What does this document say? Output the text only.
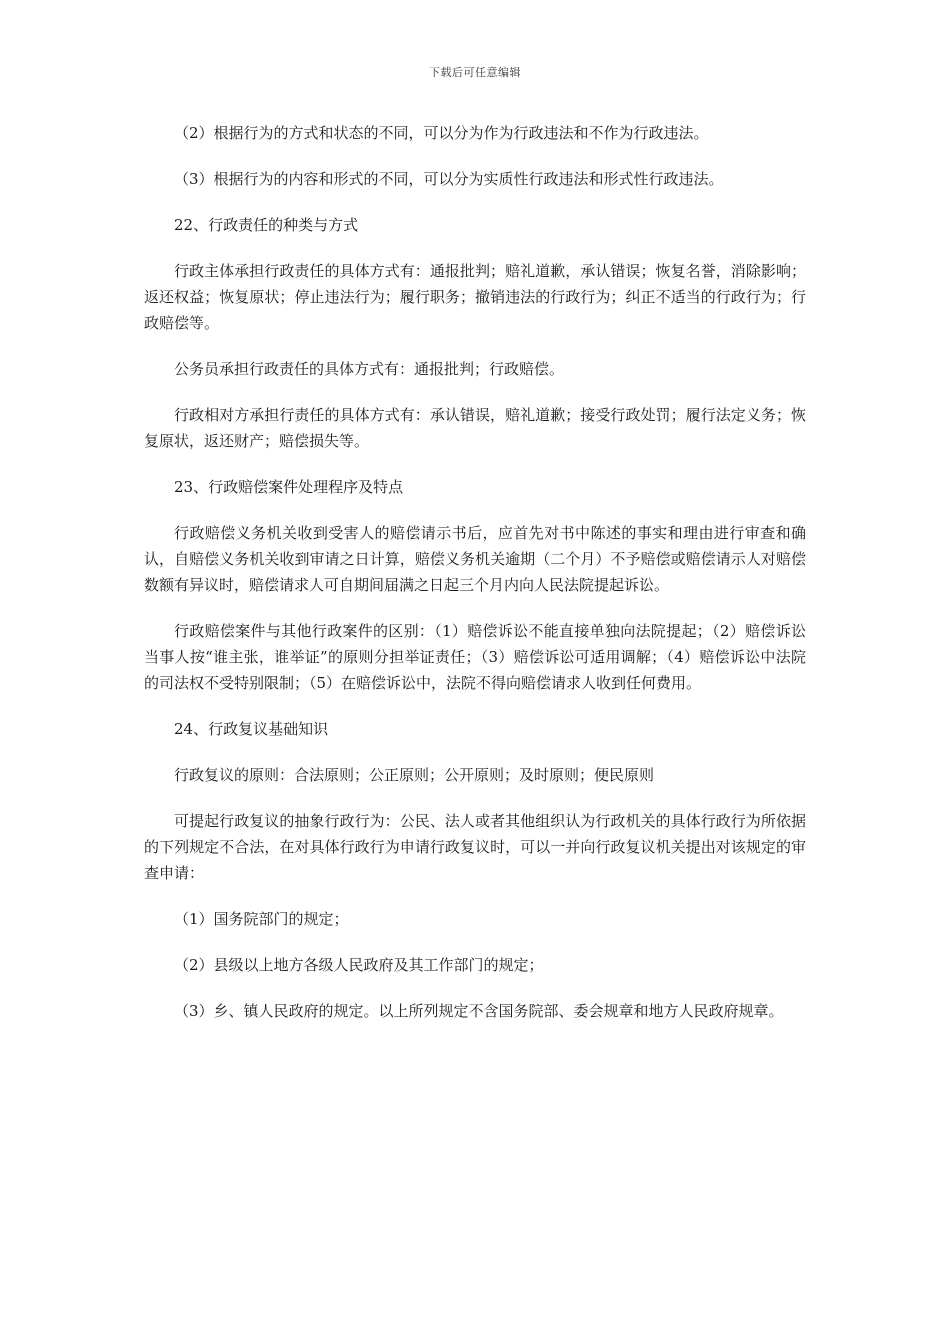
下载后可任意编辑

（2）根据行为的方式和状态的不同，可以分为作为行政违法和不作为行政违法。

（3）根据行为的内容和形式的不同，可以分为实质性行政违法和形式性行政违法。

22、行政责任的种类与方式

行政主体承担行政责任的具体方式有：通报批判；赔礼道歉，承认错误；恢复名誉，消除影响；返还权益；恢复原状；停止违法行为；履行职务；撤销违法的行政行为；纠正不适当的行政行为；行政赔偿等。

公务员承担行政责任的具体方式有：通报批判；行政赔偿。

行政相对方承担行责任的具体方式有：承认错误，赔礼道歉；接受行政处罚；履行法定义务；恢复原状，返还财产；赔偿损失等。

23、行政赔偿案件处理程序及特点

行政赔偿义务机关收到受害人的赔偿请示书后，应首先对书中陈述的事实和理由进行审查和确认，自赔偿义务机关收到审请之日计算，赔偿义务机关逾期（二个月）不予赔偿或赔偿请示人对赔偿数额有异议时，赔偿请求人可自期间届满之日起三个月内向人民法院提起诉讼。

行政赔偿案件与其他行政案件的区别：（1）赔偿诉讼不能直接单独向法院提起；（2）赔偿诉讼当事人按“谁主张，谁举证”的原则分担举证责任；（3）赔偿诉讼可适用调解；（4）赔偿诉讼中法院的司法权不受特别限制；（5）在赔偿诉讼中，法院不得向赔偿请求人收到任何费用。

24、行政复议基础知识

行政复议的原则：合法原则；公正原则；公开原则；及时原则；便民原则

可提起行政复议的抽象行政行为：公民、法人或者其他组织认为行政机关的具体行政行为所依据的下列规定不合法，在对具体行政行为申请行政复议时，可以一并向行政复议机关提出对该规定的审查申请：

（1）国务院部门的规定；

（2）县级以上地方各级人民政府及其工作部门的规定；

（3）乡、镇人民政府的规定。以上所列规定不含国务院部、委会规章和地方人民政府规章。
